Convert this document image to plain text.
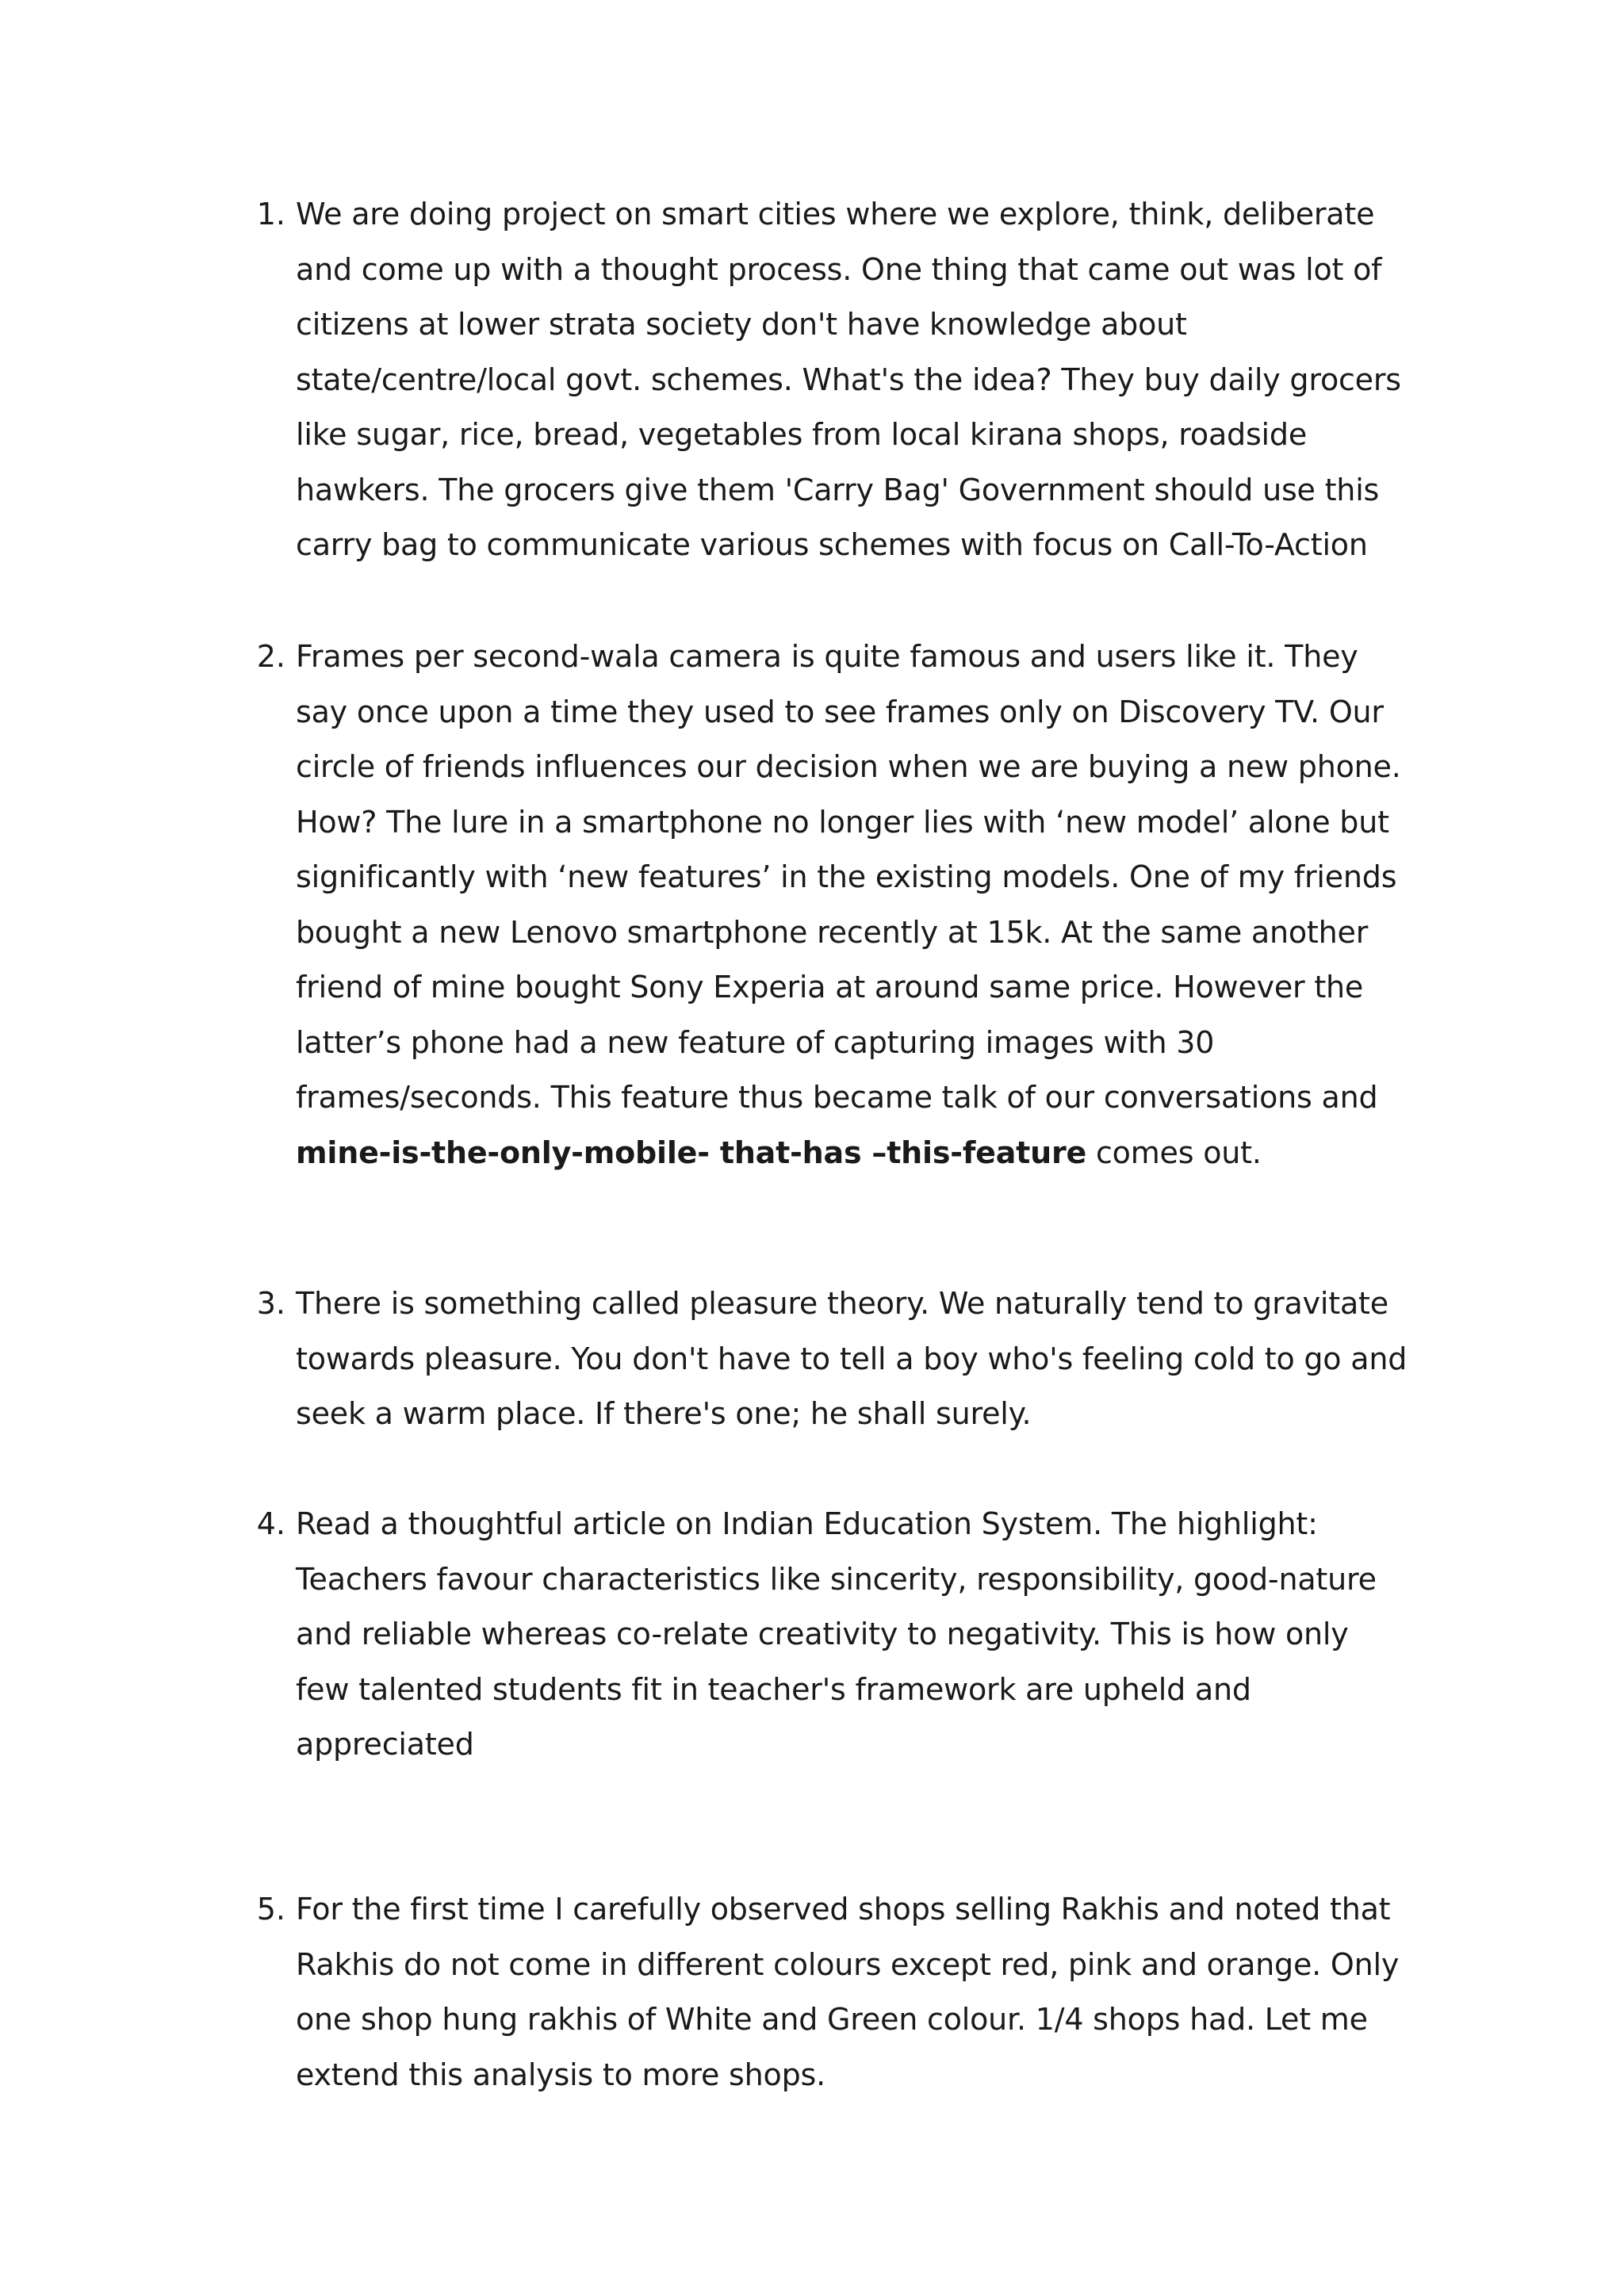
1. We are doing project on smart cities where we explore, think, deliberate
and come up with a thought process. One thing that came out was lot of
citizens at lower strata society don't have knowledge about
state/centre/local govt. schemes. What's the idea? They buy daily grocers
like sugar, rice, bread, vegetables from local kirana shops, roadside
hawkers. The grocers give them 'Carry Bag' Government should use this
carry bag to communicate various schemes with focus on Call-To-Action
2. Frames per second-wala camera is quite famous and users like it. They
say once upon a time they used to see frames only on Discovery TV. Our
circle of friends influences our decision when we are buying a new phone.
How? The lure in a smartphone no longer lies with ‘new model’ alone but
significantly with ‘new features’ in the existing models. One of my friends
bought a new Lenovo smartphone recently at 15k. At the same another
friend of mine bought Sony Experia at around same price. However the
latter’s phone had a new feature of capturing images with 30
frames/seconds. This feature thus became talk of our conversations and
mine-is-the-only-mobile- that-has –this-feature comes out.
3. There is something called pleasure theory. We naturally tend to gravitate
towards pleasure. You don't have to tell a boy who's feeling cold to go and
seek a warm place. If there's one; he shall surely.
4. Read a thoughtful article on Indian Education System. The highlight:
Teachers favour characteristics like sincerity, responsibility, good-nature
and reliable whereas co-relate creativity to negativity. This is how only
few talented students fit in teacher's framework are upheld and
appreciated
5. For the first time I carefully observed shops selling Rakhis and noted that
Rakhis do not come in different colours except red, pink and orange. Only
one shop hung rakhis of White and Green colour. 1/4 shops had. Let me
extend this analysis to more shops.
